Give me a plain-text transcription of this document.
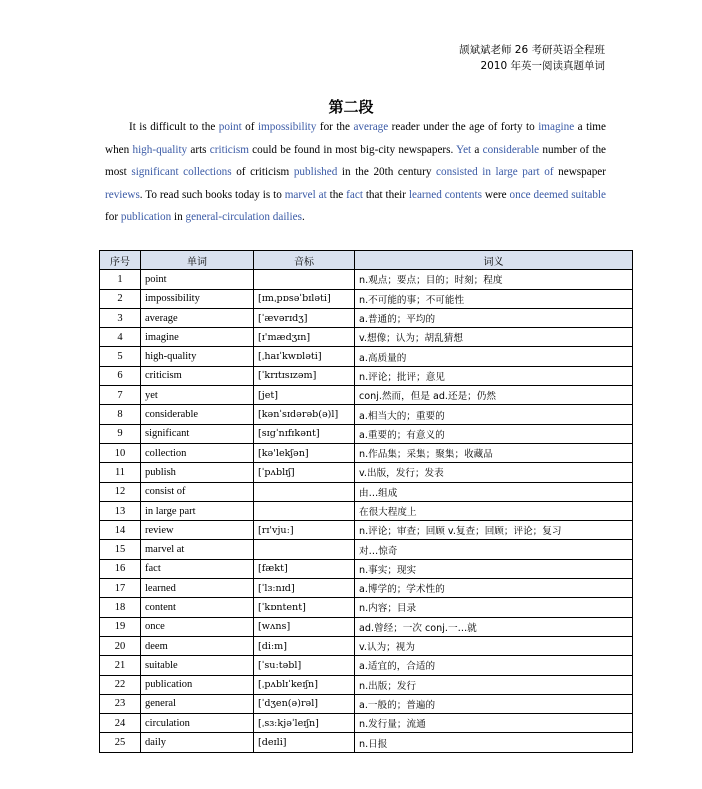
颉斌斌老师 26 考研英语全程班
2010 年英一阅读真题单词
第二段
It is difficult to the point of impossibility for the average reader under the age of forty to imagine a time when high-quality arts criticism could be found in most big-city newspapers. Yet a considerable number of the most significant collections of criticism published in the 20th century consisted in large part of newspaper reviews. To read such books today is to marvel at the fact that their learned contents were once deemed suitable for publication in general-circulation dailies.
序号	单词	音标	词义
1	point		n.观点；要点；目的；时刻；程度
2	impossibility	[ɪmˌpɒsəˈbɪləti]	n.不可能的事；不可能性
3	average	[ˈævərɪdʒ]	a.普通的；平均的
4	imagine	[ɪ'mædʒɪn]	v.想像；认为；胡乱猜想
5	high-quality	[ˌhaɪˈkwɒləti]	a.高质量的
6	criticism	[ˈkrɪtɪsɪzəm]	n.评论；批评；意见
7	yet	[jet]	conj.然而，但是 ad.还是；仍然
8	considerable	[kənˈsɪdərəb(ə)l]	a.相当大的；重要的
9	significant	[sɪgˈnɪfɪkənt]	a.重要的；有意义的
10	collection	[kə'lekʃən]	n.作品集；采集；聚集；收藏品
11	publish	[ˈpʌblɪʃ]	v.出版，发行；发表
12	consist of		由…组成
13	in large part		在很大程度上
14	review	[rɪ'vjuː]	n.评论；审查；回顾 v.复查；回顾；评论；复习
15	marvel at		对…惊奇
16	fact	[fækt]	n.事实；现实
17	learned	[ˈlɜːnɪd]	a.博学的；学术性的
18	content	[ˈkɒntent]	n.内容；目录
19	once	[wʌns]	ad.曾经；一次 conj.一…就
20	deem	[diːm]	v.认为；视为
21	suitable	[ˈsuːtəbl]	a.适宜的，合适的
22	publication	[ˌpʌblɪˈkeɪʃn]	n.出版；发行
23	general	[ˈdʒen(ə)rəl]	a.一般的；普遍的
24	circulation	[ˌsɜːkjəˈleɪʃn]	n.发行量；流通
25	daily	[deɪli]	n.日报
